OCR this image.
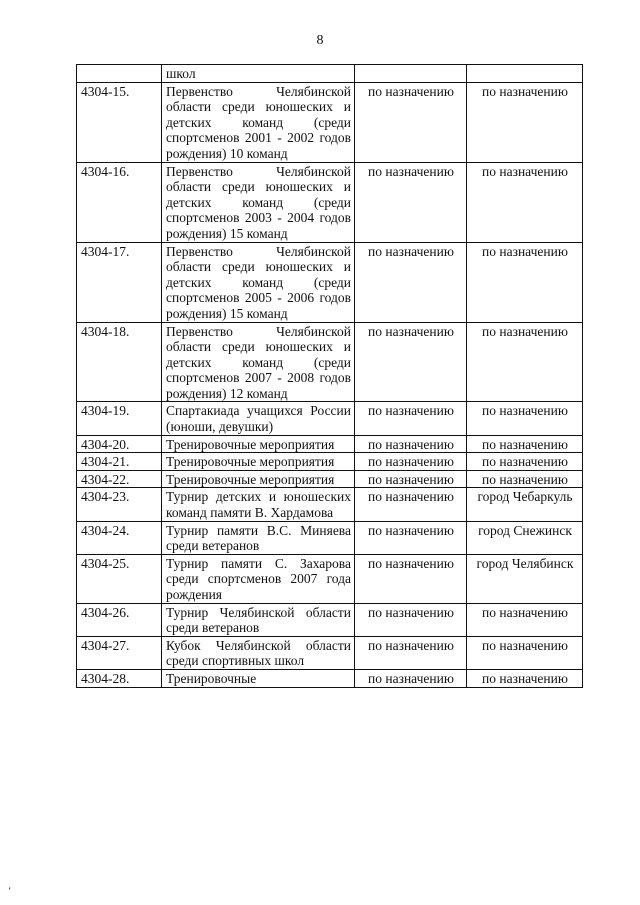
8
	школ		
4304-15.	Первенство Челябинской области среди юношеских и детских команд (среди спортсменов 2001 - 2002 годов рождения) 10 команд	по назначению	по назначению
4304-16.	Первенство Челябинской области среди юношеских и детских команд (среди спортсменов 2003 - 2004 годов рождения) 15 команд	по назначению	по назначению
4304-17.	Первенство Челябинской области среди юношеских и детских команд (среди спортсменов 2005 - 2006 годов рождения) 15 команд	по назначению	по назначению
4304-18.	Первенство Челябинской области среди юношеских и детских команд (среди спортсменов 2007 - 2008 годов рождения) 12 команд	по назначению	по назначению
4304-19.	Спартакиада учащихся России (юноши, девушки)	по назначению	по назначению
4304-20.	Тренировочные мероприятия	по назначению	по назначению
4304-21.	Тренировочные мероприятия	по назначению	по назначению
4304-22.	Тренировочные мероприятия	по назначению	по назначению
4304-23.	Турнир детских и юношеских команд памяти В. Хардамова	по назначению	город Чебаркуль
4304-24.	Турнир памяти В.С. Миняева среди ветеранов	по назначению	город Снежинск
4304-25.	Турнир памяти С. Захарова среди спортсменов 2007 года рождения	по назначению	город Челябинск
4304-26.	Турнир Челябинской области среди ветеранов	по назначению	по назначению
4304-27.	Кубок Челябинской области среди спортивных школ	по назначению	по назначению
4304-28.	Тренировочные	по назначению	по назначению
ʻ
